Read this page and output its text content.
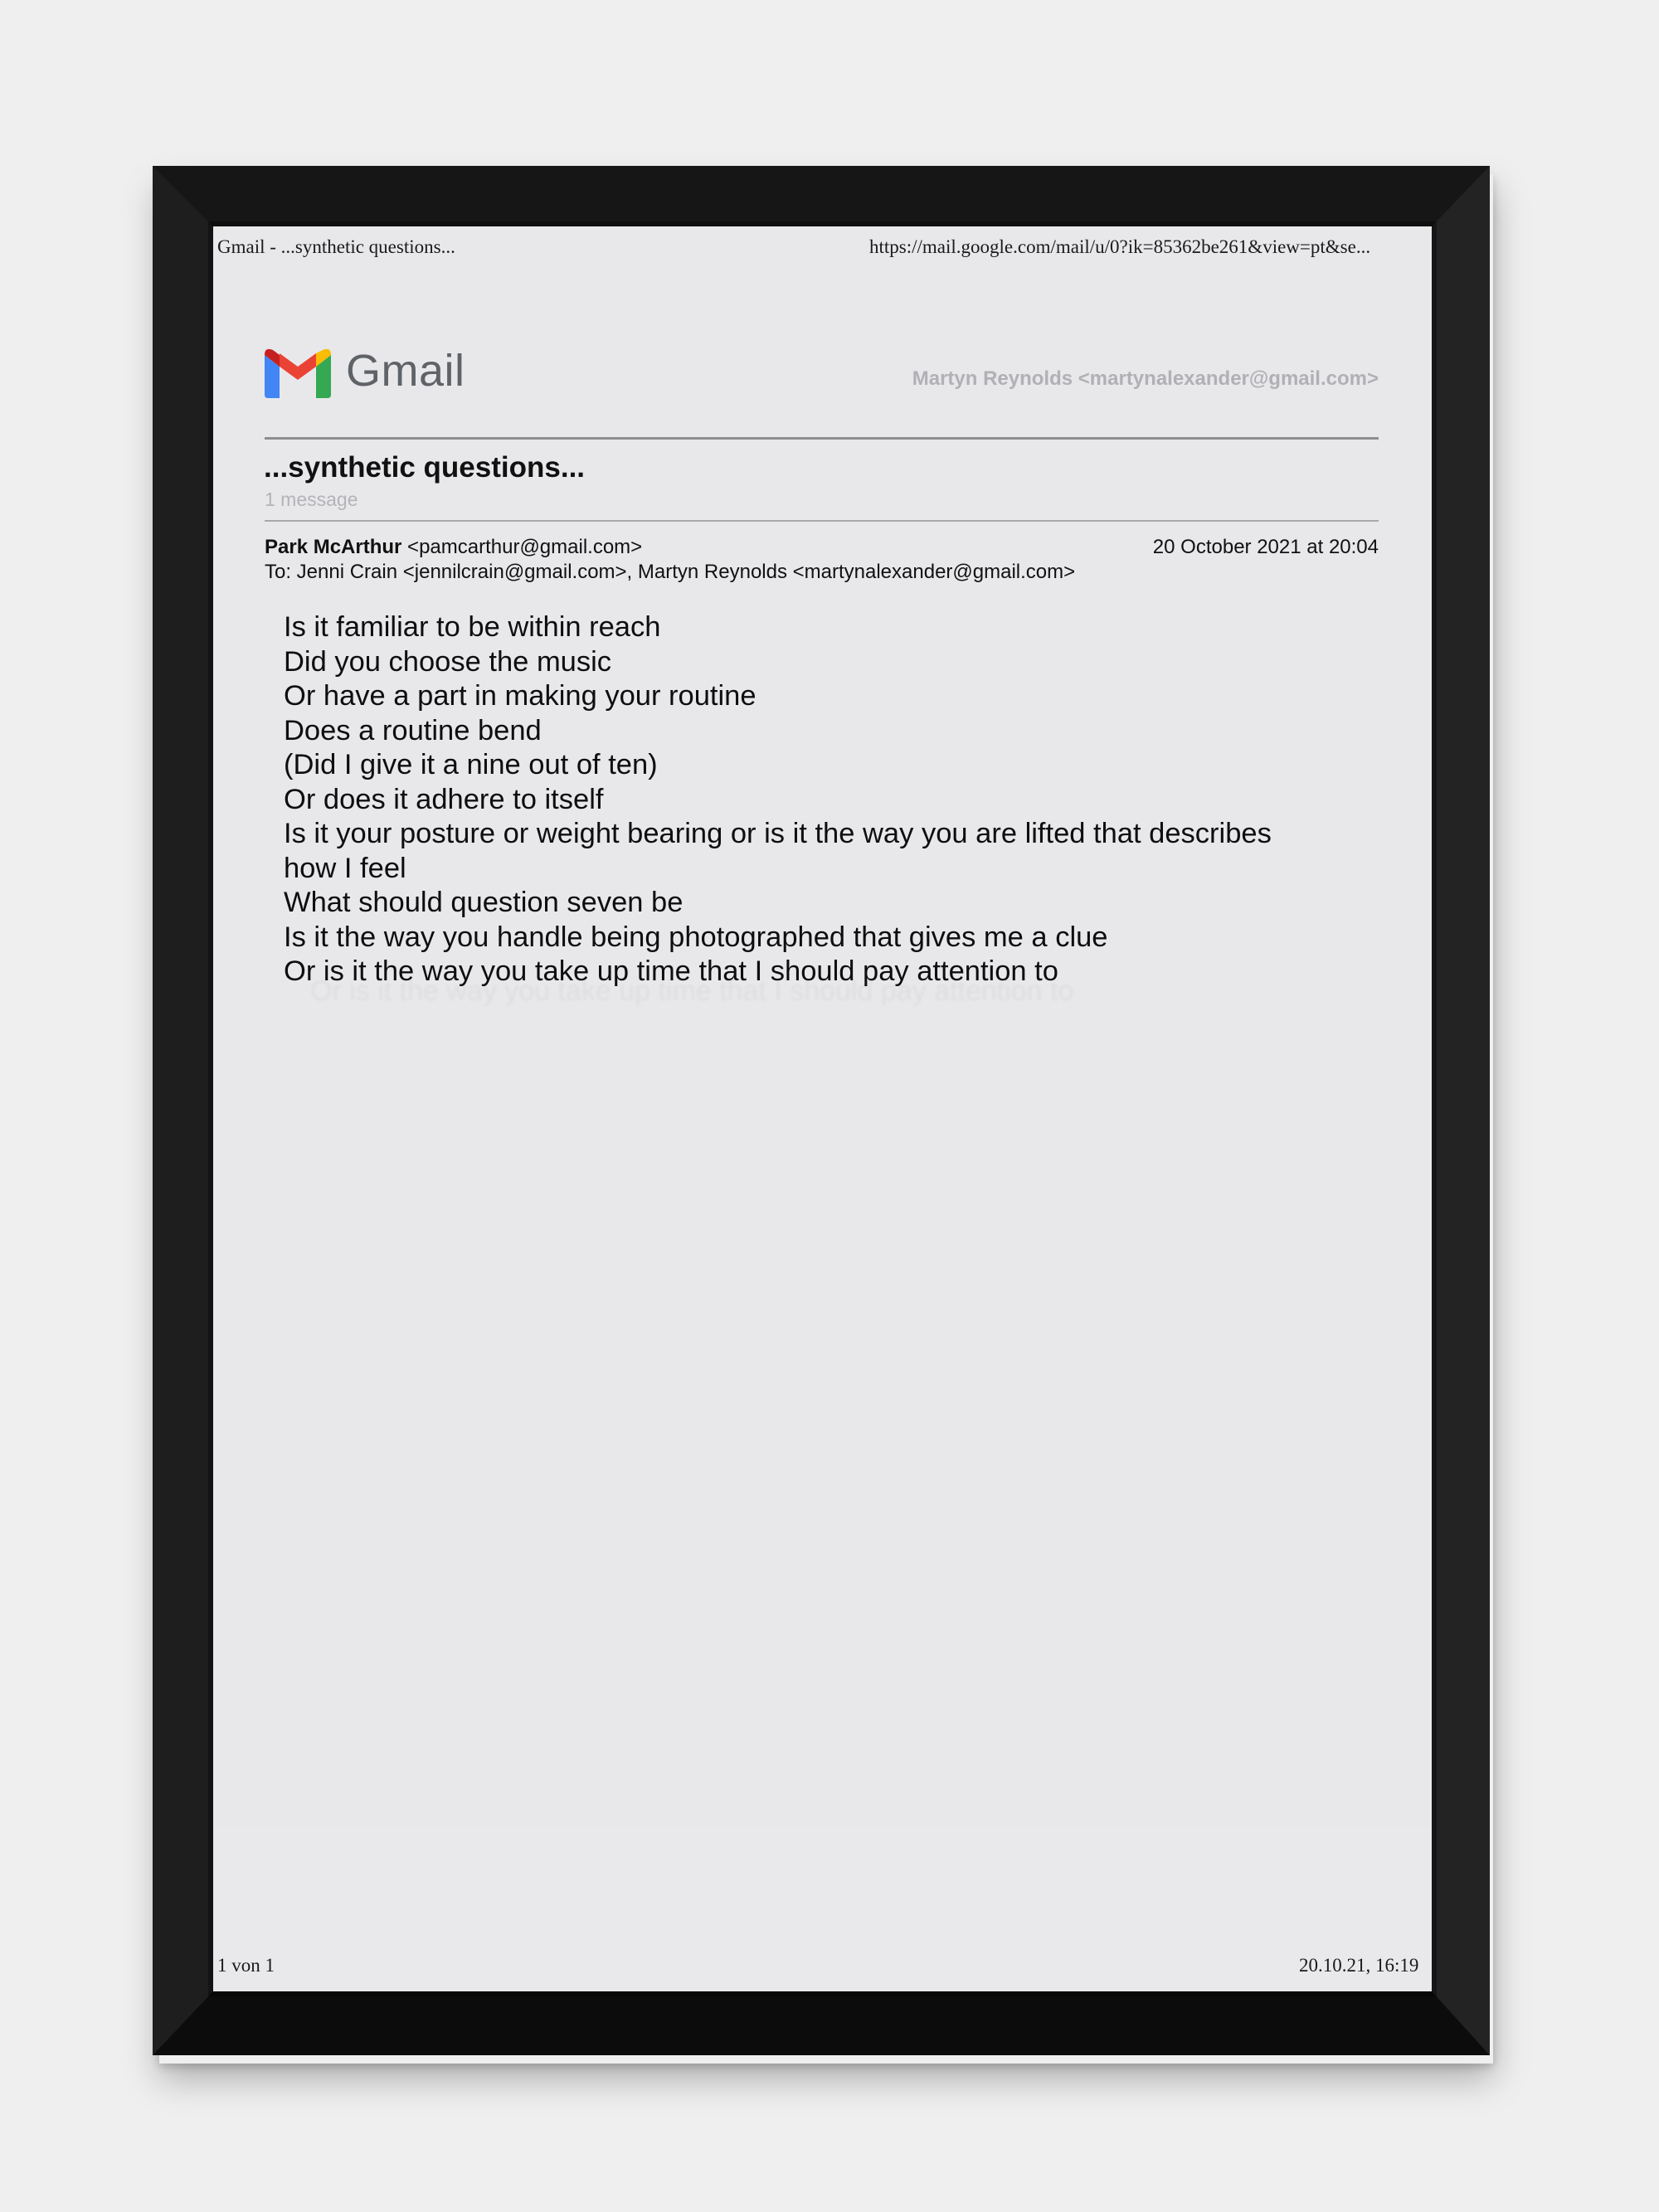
Gmail - ...synthetic questions...	https://mail.google.com/mail/u/0?ik=85362be261&view=pt&se...
Gmail	Martyn Reynolds <martynalexander@gmail.com>
...synthetic questions...
1 message
Park McArthur <pamcarthur@gmail.com>	20 October 2021 at 20:04
To: Jenni Crain <jennilcrain@gmail.com>, Martyn Reynolds <martynalexander@gmail.com>
Is it familiar to be within reach
Did you choose the music
Or have a part in making your routine
Does a routine bend
(Did I give it a nine out of ten)
Or does it adhere to itself
Is it your posture or weight bearing or is it the way you are lifted that describes
how I feel
What should question seven be
Is it the way you handle being photographed that gives me a clue
Or is it the way you take up time that I should pay attention to
1 von 1	20.10.21, 16:19
